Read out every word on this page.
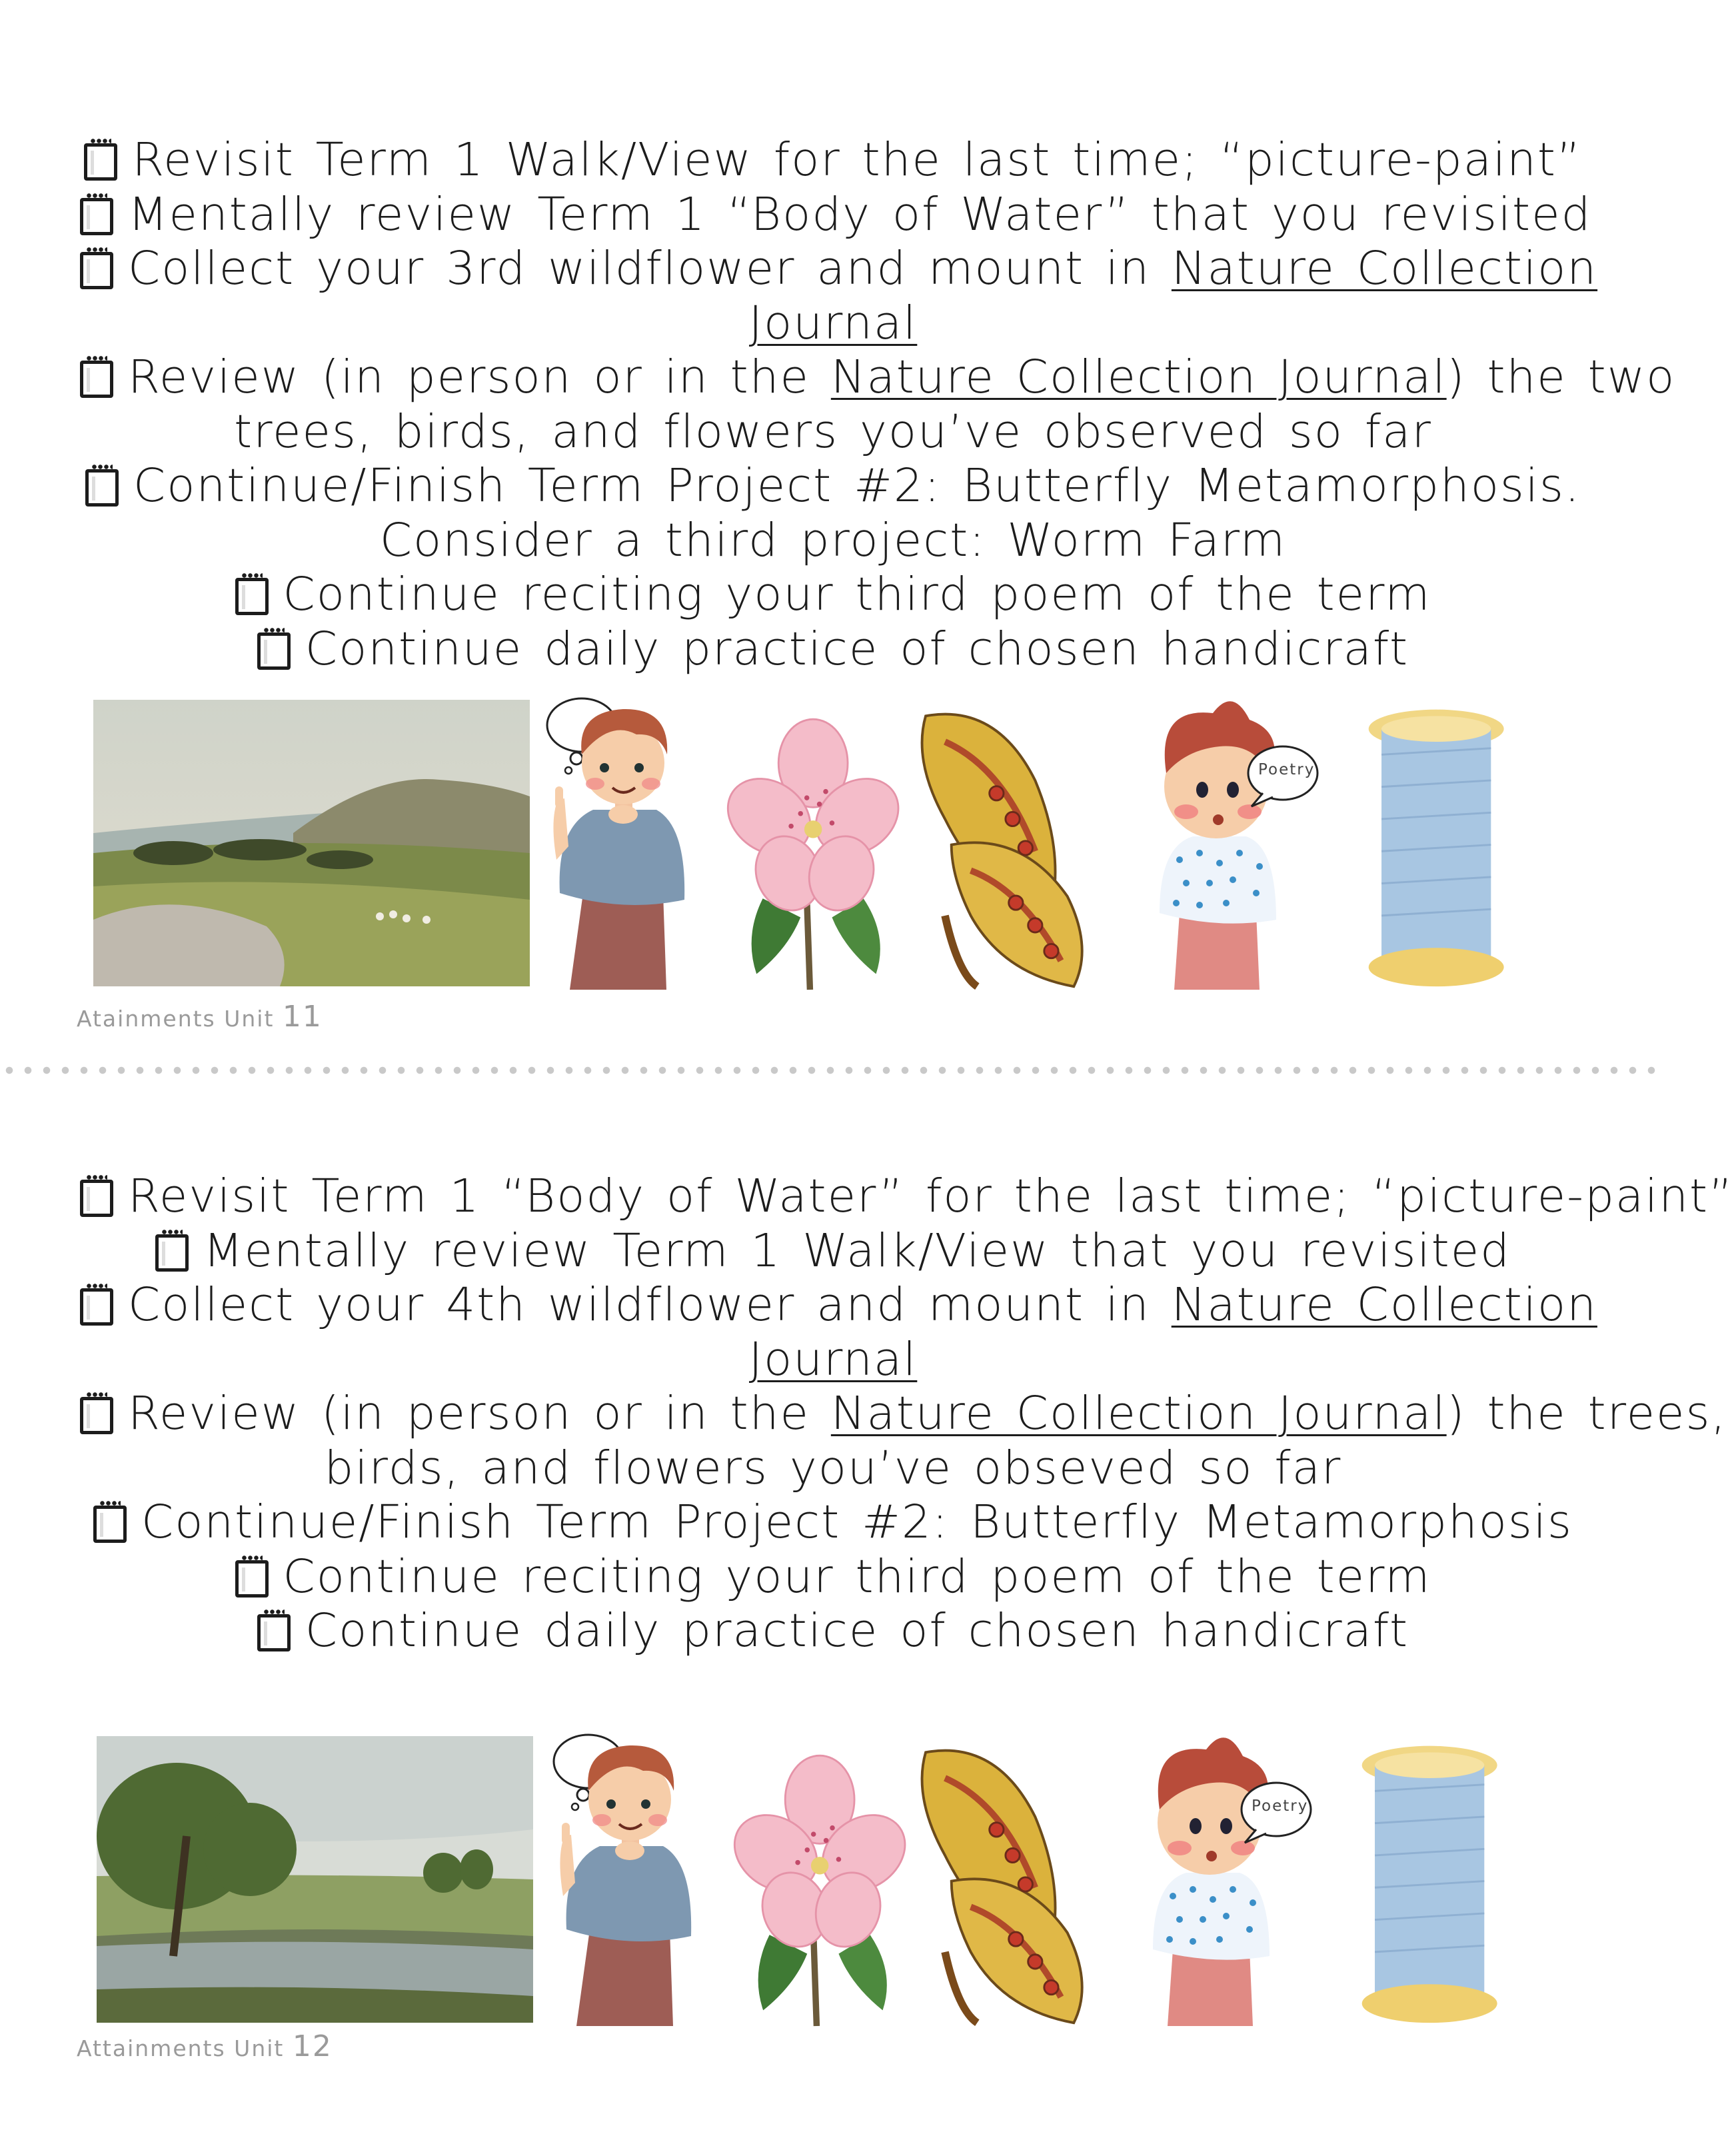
Revisit Term 1 Walk/View for the last time; “picture-paint”
Mentally review Term 1 “Body of Water” that you revisited
Collect your 3rd wildflower and mount in Nature Collection
Journal
Review (in person or in the Nature Collection Journal) the two
trees, birds, and flowers you’ve observed so far
Continue/Finish Term Project #2: Butterfly Metamorphosis.
Consider a third project: Worm Farm
Continue reciting your third poem of the term
Continue daily practice of chosen handicraft
Poetry
Atainments Unit 11
Revisit Term 1 “Body of Water” for the last time; “picture-paint”
Mentally review Term 1 Walk/View that you revisited
Collect your 4th wildflower and mount in Nature Collection
Journal
Review (in person or in the Nature Collection Journal) the trees,
birds, and flowers you’ve obseved so far
Continue/Finish Term Project #2: Butterfly Metamorphosis
Continue reciting your third poem of the term
Continue daily practice of chosen handicraft
Poetry
Attainments Unit 12
